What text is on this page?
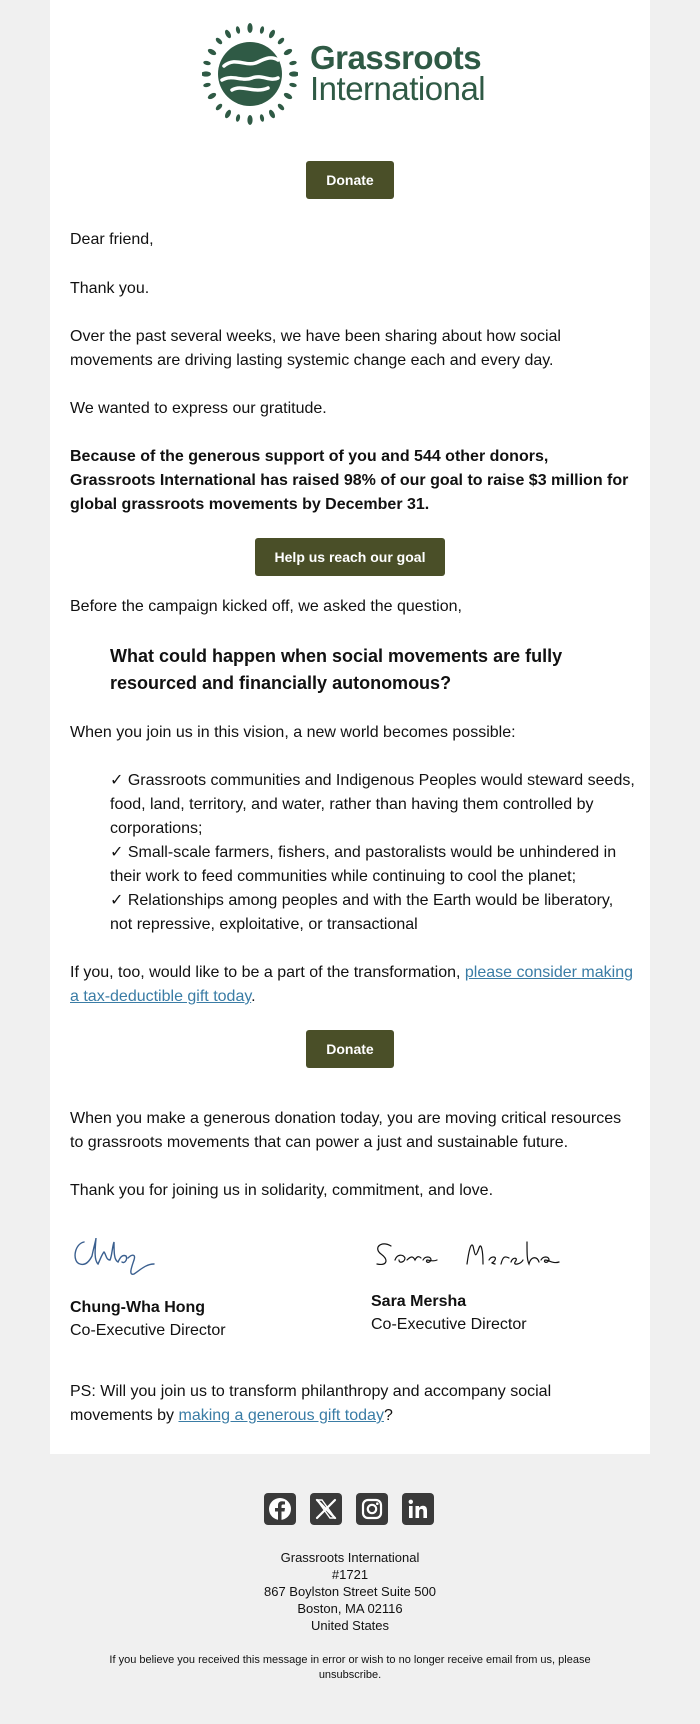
Grassroots
International
Donate
Dear friend,
Thank you.
Over the past several weeks, we have been sharing about how social movements are driving lasting systemic change each and every day.
We wanted to express our gratitude.
Because of the generous support of you and 544 other donors, Grassroots International has raised 98% of our goal to raise $3 million for global grassroots movements by December 31.
Help us reach our goal
Before the campaign kicked off, we asked the question,
What could happen when social movements are fully resourced and financially autonomous?
When you join us in this vision, a new world becomes possible:
✓ Grassroots communities and Indigenous Peoples would steward seeds, food, land, territory, and water, rather than having them controlled by corporations;
✓ Small-scale farmers, fishers, and pastoralists would be unhindered in their work to feed communities while continuing to cool the planet;
✓ Relationships among peoples and with the Earth would be liberatory, not repressive, exploitative, or transactional
If you, too, would like to be a part of the transformation, please consider making a tax-deductible gift today.
Donate
When you make a generous donation today, you are moving critical resources to grassroots movements that can power a just and sustainable future.
Thank you for joining us in solidarity, commitment, and love.
Chung-Wha Hong
Co-Executive Director
Sara Mersha
Co-Executive Director
PS: Will you join us to transform philanthropy and accompany social movements by making a generous gift today?
Grassroots International
#1721
867 Boylston Street Suite 500
Boston, MA 02116
United States
If you believe you received this message in error or wish to no longer receive email from us, please unsubscribe.
